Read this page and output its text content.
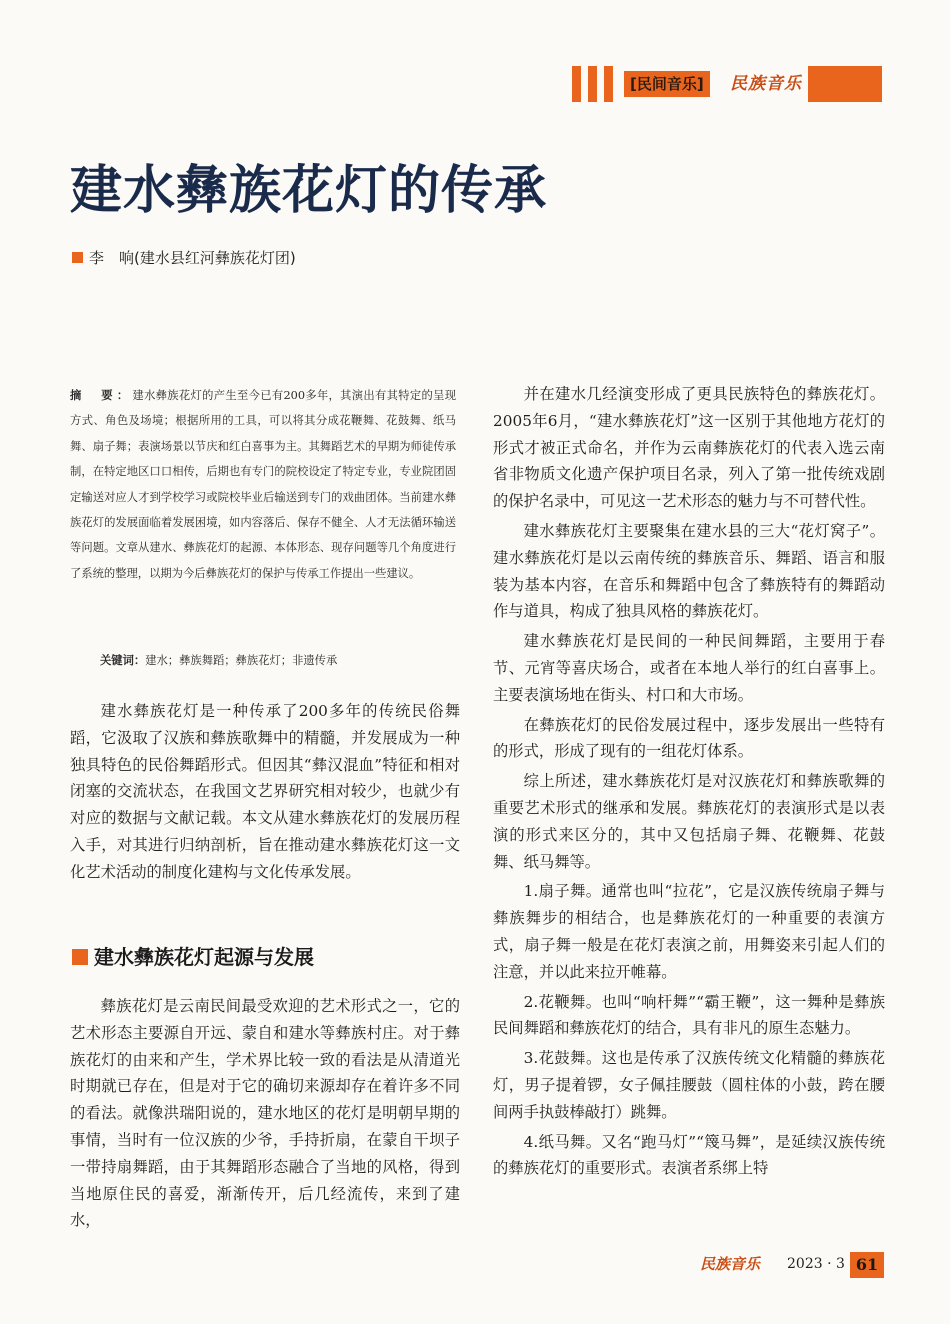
[民间音乐]	民族音乐
建水彝族花灯的传承
李　响(建水县红河彝族花灯团)

摘　要：建水彝族花灯的产生至今已有200多年，其演出有其特定的呈现方式、角色及场境；根据所用的工具，可以将其分成花鞭舞、花鼓舞、纸马舞、扇子舞；表演场景以节庆和红白喜事为主。其舞蹈艺术的早期为师徒传承制，在特定地区口口相传，后期也有专门的院校设定了特定专业，专业院团固定输送对应人才到学校学习或院校毕业后输送到专门的戏曲团体。当前建水彝族花灯的发展面临着发展困境，如内容落后、保存不健全、人才无法循环输送等问题。文章从建水、彝族花灯的起源、本体形态、现存问题等几个角度进行了系统的整理，以期为今后彝族花灯的保护与传承工作提出一些建议。

关键词：建水；彝族舞蹈；彝族花灯；非遗传承

建水彝族花灯是一种传承了200多年的传统民俗舞蹈，它汲取了汉族和彝族歌舞中的精髓，并发展成为一种独具特色的民俗舞蹈形式。但因其“彝汉混血”特征和相对闭塞的交流状态，在我国文艺界研究相对较少，也就少有对应的数据与文献记载。本文从建水彝族花灯的发展历程入手，对其进行归纳剖析，旨在推动建水彝族花灯这一文化艺术活动的制度化建构与文化传承发展。

建水彝族花灯起源与发展

彝族花灯是云南民间最受欢迎的艺术形式之一，它的艺术形态主要源自开远、蒙自和建水等彝族村庄。对于彝族花灯的由来和产生，学术界比较一致的看法是从清道光时期就已存在，但是对于它的确切来源却存在着许多不同的看法。就像洪瑞阳说的，建水地区的花灯是明朝早期的事情，当时有一位汉族的少爷，手持折扇，在蒙自干坝子一带持扇舞蹈，由于其舞蹈形态融合了当地的风格，得到当地原住民的喜爱，渐渐传开，后几经流传，来到了建水，

并在建水几经演变形成了更具民族特色的彝族花灯。2005年6月，“建水彝族花灯”这一区别于其他地方花灯的形式才被正式命名，并作为云南彝族花灯的代表入选云南省非物质文化遗产保护项目名录，列入了第一批传统戏剧的保护名录中，可见这一艺术形态的魅力与不可替代性。

建水彝族花灯主要聚集在建水县的三大“花灯窝子”。建水彝族花灯是以云南传统的彝族音乐、舞蹈、语言和服装为基本内容，在音乐和舞蹈中包含了彝族特有的舞蹈动作与道具，构成了独具风格的彝族花灯。

建水彝族花灯是民间的一种民间舞蹈，主要用于春节、元宵等喜庆场合，或者在本地人举行的红白喜事上。主要表演场地在街头、村口和大市场。

在彝族花灯的民俗发展过程中，逐步发展出一些特有的形式，形成了现有的一组花灯体系。

综上所述，建水彝族花灯是对汉族花灯和彝族歌舞的重要艺术形式的继承和发展。彝族花灯的表演形式是以表演的形式来区分的，其中又包括扇子舞、花鞭舞、花鼓舞、纸马舞等。

1.扇子舞。通常也叫“拉花”，它是汉族传统扇子舞与彝族舞步的相结合，也是彝族花灯的一种重要的表演方式，扇子舞一般是在花灯表演之前，用舞姿来引起人们的注意，并以此来拉开帷幕。

2.花鞭舞。也叫“响杆舞”“霸王鞭”，这一舞种是彝族民间舞蹈和彝族花灯的结合，具有非凡的原生态魅力。

3.花鼓舞。这也是传承了汉族传统文化精髓的彝族花灯，男子提着锣，女子佩挂腰鼓（圆柱体的小鼓，跨在腰间两手执鼓棒敲打）跳舞。

4.纸马舞。又名“跑马灯”“篾马舞”，是延续汉族传统的彝族花灯的重要形式。表演者系绑上特

民族音乐 2023 · 3 61
